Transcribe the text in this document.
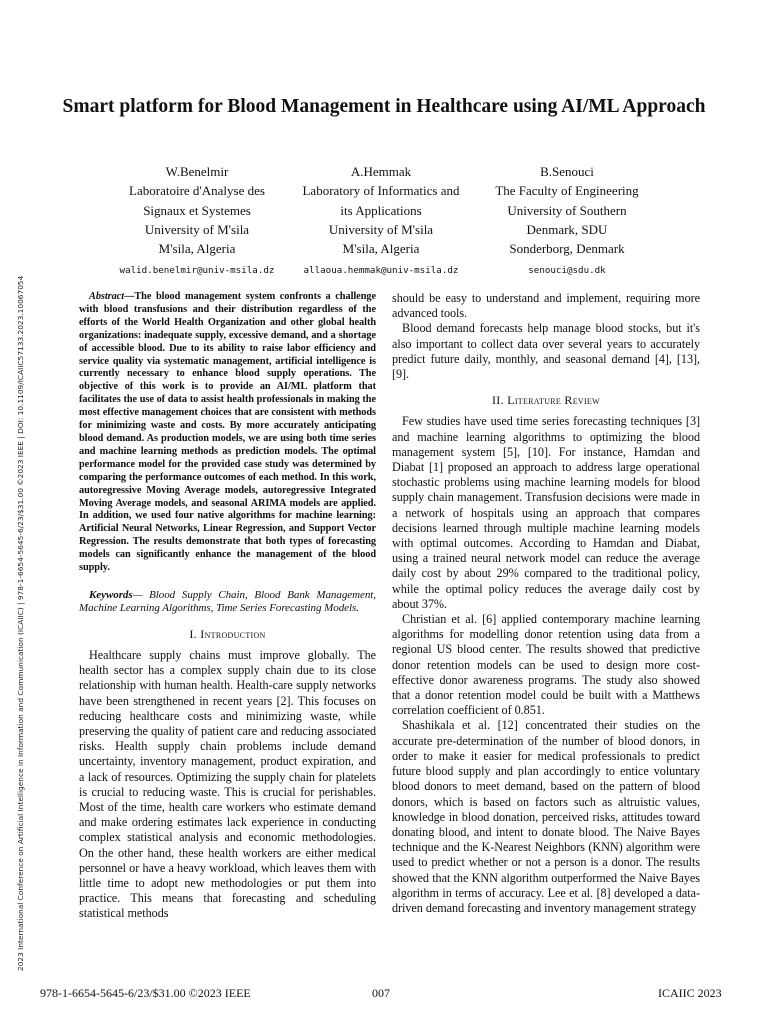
2023 International Conference on Artificial Intelligence in Information and Communication (ICAIIC) | 978-1-6654-5645-6/23/$31.00 ©2023 IEEE | DOI: 10.1109/ICAIIC57133.2023.10067054
Smart platform for Blood Management in Healthcare using AI/ML Approach
W.Benelmir
Laboratoire d'Analyse des
Signaux et Systemes
University of M'sila
M'sila, Algeria
walid.benelmir@univ-msila.dz
A.Hemmak
Laboratory of Informatics and
its Applications
University of M'sila
M'sila, Algeria
allaoua.hemmak@univ-msila.dz
B.Senouci
The Faculty of Engineering
University of Southern
Denmark, SDU
Sonderborg, Denmark
senouci@sdu.dk

Abstract—The blood management system confronts a challenge with blood transfusions and their distribution regardless of the efforts of the World Health Organization and other global health organizations: inadequate supply, excessive demand, and a shortage of accessible blood. Due to its ability to raise labor efficiency and service quality via systematic management, artificial intelligence is currently necessary to enhance blood supply operations. The objective of this work is to provide an AI/ML platform that facilitates the use of data to assist health professionals in making the most effective management choices that are consistent with methods for minimizing waste and costs. By more accurately anticipating blood demand. As production models, we are using both time series and machine learning methods as prediction models. The optimal performance model for the provided case study was determined by comparing the performance outcomes of each method. In this work, autoregressive Moving Average models, autoregressive Integrated Moving Average models, and seasonal ARIMA models are applied. In addition, we used four native algorithms for machine learning: Artificial Neural Networks, Linear Regression, and Support Vector Regression. The results demonstrate that both types of forecasting models can significantly enhance the management of the blood supply.

Keywords— Blood Supply Chain, Blood Bank Management, Machine Learning Algorithms, Time Series Forecasting Models.

I. Introduction

Healthcare supply chains must improve globally. The health sector has a complex supply chain due to its close relationship with human health. Health-care supply networks have been strengthened in recent years [2]. This focuses on reducing healthcare costs and minimizing waste, while preserving the quality of patient care and reducing associated risks. Health supply chain problems include demand uncertainty, inventory management, product expiration, and a lack of resources. Optimizing the supply chain for platelets is crucial to reducing waste. This is crucial for perishables. Most of the time, health care workers who estimate demand and make ordering estimates lack experience in conducting complex statistical analysis and economic methodologies. On the other hand, these health workers are either medical personnel or have a heavy workload, which leaves them with little time to adopt new methodologies or put them into practice. This means that forecasting and scheduling statistical methods

should be easy to understand and implement, requiring more advanced tools.

Blood demand forecasts help manage blood stocks, but it's also important to collect data over several years to accurately predict future daily, monthly, and seasonal demand [4], [13], [9].

II. Literature Review

Few studies have used time series forecasting techniques [3] and machine learning algorithms to optimizing the blood management system [5], [10]. For instance, Hamdan and Diabat [1] proposed an approach to address large operational stochastic problems using machine learning models for blood supply chain management. Transfusion decisions were made in a network of hospitals using an approach that compares decisions learned through multiple machine learning models with optimal outcomes. According to Hamdan and Diabat, using a trained neural network model can reduce the average daily cost by about 29% compared to the traditional policy, while the optimal policy reduces the average daily cost by about 37%.

Christian et al. [6] applied contemporary machine learning algorithms for modelling donor retention using data from a regional US blood center. The results showed that predictive donor retention models can be used to design more cost-effective donor awareness programs. The study also showed that a donor retention model could be built with a Matthews correlation coefficient of 0.851.

Shashikala et al. [12] concentrated their studies on the accurate pre-determination of the number of blood donors, in order to make it easier for medical professionals to predict future blood supply and plan accordingly to entice voluntary blood donors to meet demand, based on the pattern of blood donors, which is based on factors such as altruistic values, knowledge in blood donation, perceived risks, attitudes toward donating blood, and intent to donate blood. The Naive Bayes technique and the K-Nearest Neighbors (KNN) algorithm were used to predict whether or not a person is a donor. The results showed that the KNN algorithm outperformed the Naive Bayes algorithm in terms of accuracy. Lee et al. [8] developed a data-driven demand forecasting and inventory management strategy

978-1-6654-5645-6/23/$31.00 ©2023 IEEE	007	ICAIIC 2023
